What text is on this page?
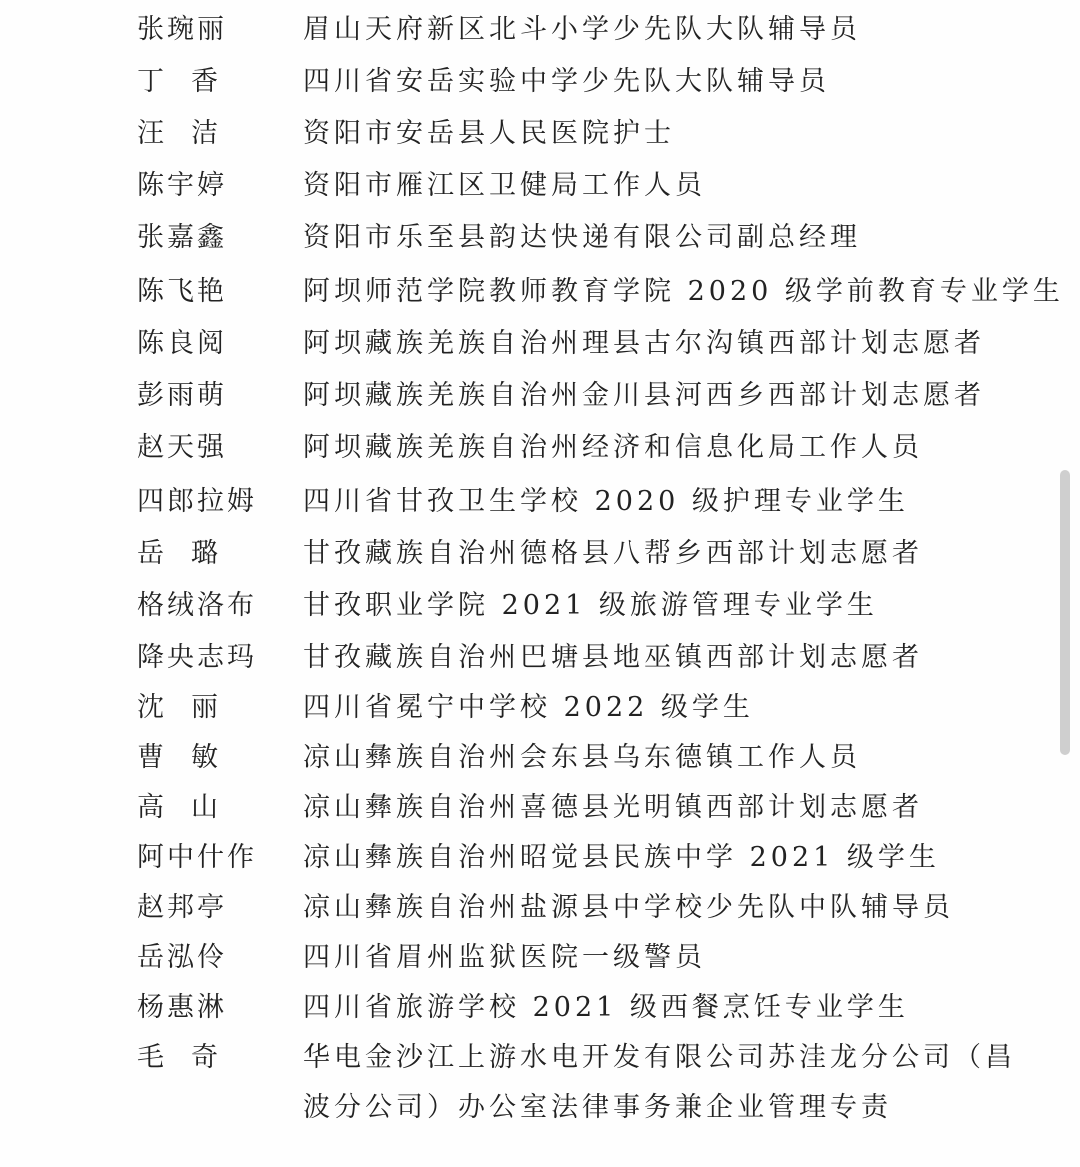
张琬丽	眉山天府新区北斗小学少先队大队辅导员
丁 香	四川省安岳实验中学少先队大队辅导员
汪 洁	资阳市安岳县人民医院护士
陈宇婷	资阳市雁江区卫健局工作人员
张嘉鑫	资阳市乐至县韵达快递有限公司副总经理
陈飞艳	阿坝师范学院教师教育学院 2020 级学前教育专业学生
陈良阅	阿坝藏族羌族自治州理县古尔沟镇西部计划志愿者
彭雨萌	阿坝藏族羌族自治州金川县河西乡西部计划志愿者
赵天强	阿坝藏族羌族自治州经济和信息化局工作人员
四郎拉姆 四川省甘孜卫生学校 2020 级护理专业学生
岳 璐	甘孜藏族自治州德格县八帮乡西部计划志愿者
格绒洛布 甘孜职业学院 2021 级旅游管理专业学生
降央志玛 甘孜藏族自治州巴塘县地巫镇西部计划志愿者
沈 丽	四川省冕宁中学校 2022 级学生
曹 敏	凉山彝族自治州会东县乌东德镇工作人员
高 山	凉山彝族自治州喜德县光明镇西部计划志愿者
阿中什作 凉山彝族自治州昭觉县民族中学 2021 级学生
赵邦亭	凉山彝族自治州盐源县中学校少先队中队辅导员
岳泓伶	四川省眉州监狱医院一级警员
杨惠淋	四川省旅游学校 2021 级西餐烹饪专业学生
毛 奇	华电金沙江上游水电开发有限公司苏洼龙分公司（昌
波分公司）办公室法律事务兼企业管理专责
